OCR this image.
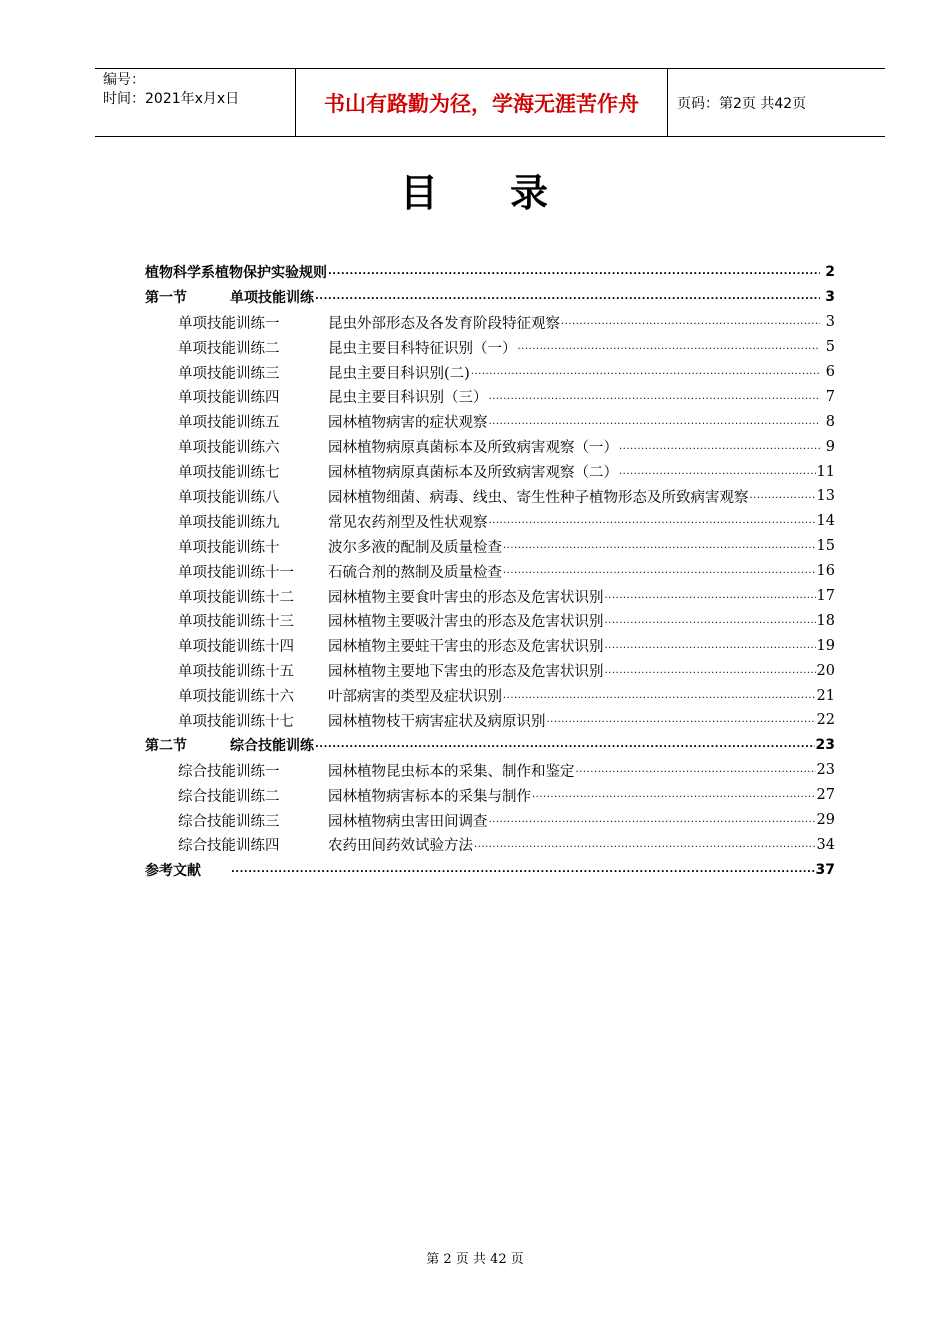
编号：
时间：2021年x月x日	书山有路勤为径，学海无涯苦作舟	页码：第2页 共42页
目 录
植物科学系植物保护实验规则 .....	2
第一节	单项技能训练 .....	3
单项技能训练一	昆虫外部形态及各发育阶段特征观察 .....	3
单项技能训练二	昆虫主要目科特征识别（一） .....	5
单项技能训练三	昆虫主要目科识别(二) .....	6
单项技能训练四	昆虫主要目科识别（三） .....	7
单项技能训练五	园林植物病害的症状观察 .....	8
单项技能训练六	园林植物病原真菌标本及所致病害观察（一） .....	9
单项技能训练七	园林植物病原真菌标本及所致病害观察（二） .....	11
单项技能训练八	园林植物细菌、病毒、线虫、寄生性种子植物形态及所致病害观察 .....	13
单项技能训练九	常见农药剂型及性状观察 .....	14
单项技能训练十	波尔多液的配制及质量检查 .....	15
单项技能训练十一	石硫合剂的熬制及质量检查 .....	16
单项技能训练十二	园林植物主要食叶害虫的形态及危害状识别 .....	17
单项技能训练十三	园林植物主要吸汁害虫的形态及危害状识别 .....	18
单项技能训练十四	园林植物主要蛀干害虫的形态及危害状识别 .....	19
单项技能训练十五	园林植物主要地下害虫的形态及危害状识别 .....	20
单项技能训练十六	叶部病害的类型及症状识别 .....	21
单项技能训练十七	园林植物枝干病害症状及病原识别 .....	22
第二节	综合技能训练 .....	23
综合技能训练一	园林植物昆虫标本的采集、制作和鉴定 .....	23
综合技能训练二	园林植物病害标本的采集与制作 .....	27
综合技能训练三	园林植物病虫害田间调查 .....	29
综合技能训练四	农药田间药效试验方法 .....	34
参考文献 .....	37
第 2 页 共 42 页
